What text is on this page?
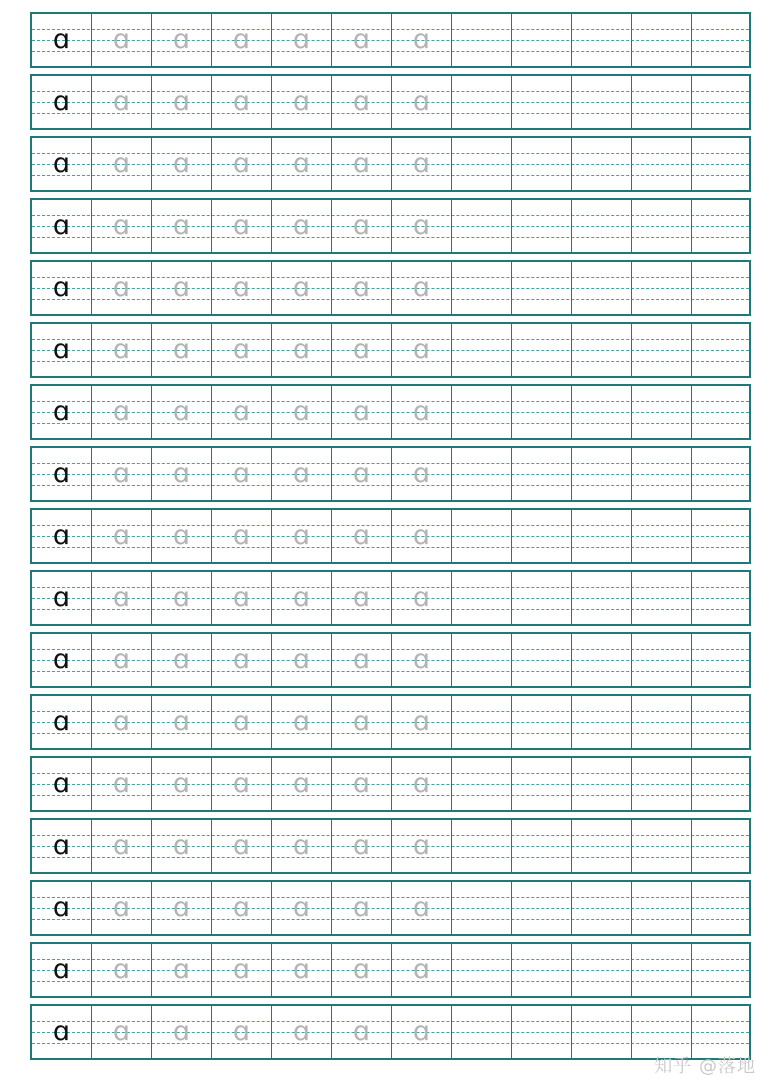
ɑ ɑ ɑ ɑ ɑ ɑ ɑ
ɑ ɑ ɑ ɑ ɑ ɑ ɑ
ɑ ɑ ɑ ɑ ɑ ɑ ɑ
ɑ ɑ ɑ ɑ ɑ ɑ ɑ
ɑ ɑ ɑ ɑ ɑ ɑ ɑ
ɑ ɑ ɑ ɑ ɑ ɑ ɑ
ɑ ɑ ɑ ɑ ɑ ɑ ɑ
ɑ ɑ ɑ ɑ ɑ ɑ ɑ
ɑ ɑ ɑ ɑ ɑ ɑ ɑ
ɑ ɑ ɑ ɑ ɑ ɑ ɑ
ɑ ɑ ɑ ɑ ɑ ɑ ɑ
ɑ ɑ ɑ ɑ ɑ ɑ ɑ
ɑ ɑ ɑ ɑ ɑ ɑ ɑ
ɑ ɑ ɑ ɑ ɑ ɑ ɑ
ɑ ɑ ɑ ɑ ɑ ɑ ɑ
ɑ ɑ ɑ ɑ ɑ ɑ ɑ
ɑ ɑ ɑ ɑ ɑ ɑ ɑ
知乎 @落地
